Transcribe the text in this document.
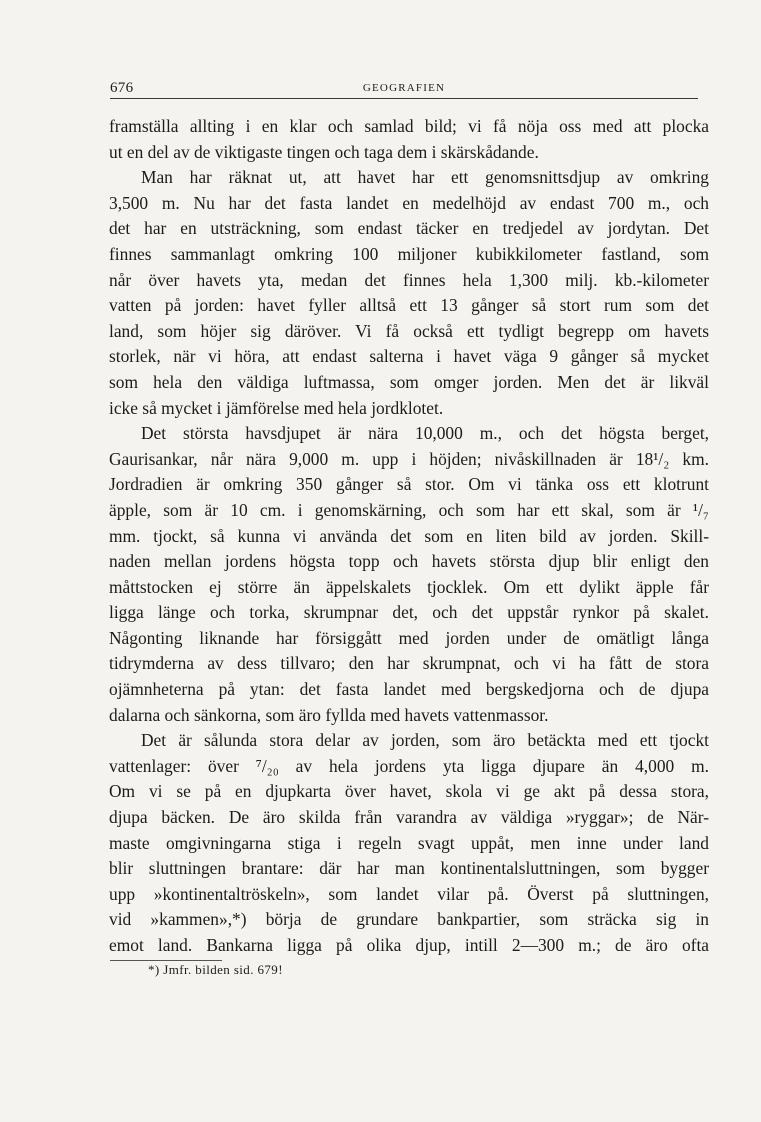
676	GEOGRAFIEN
framställa allting i en klar och samlad bild; vi få nöja oss med att plocka
ut en del av de viktigaste tingen och taga dem i skärskådande.
Man har räknat ut, att havet har ett genomsnittsdjup av omkring
3,500 m. Nu har det fasta landet en medelhöjd av endast 700 m., och
det har en utsträckning, som endast täcker en tredjedel av jordytan. Det
finnes sammanlagt omkring 100 miljoner kubikkilometer fastland, som
når över havets yta, medan det finnes hela 1,300 milj. kb.-kilometer
vatten på jorden: havet fyller alltså ett 13 gånger så stort rum som det
land, som höjer sig däröver. Vi få också ett tydligt begrepp om havets
storlek, när vi höra, att endast salterna i havet väga 9 gånger så mycket
som hela den väldiga luftmassa, som omger jorden. Men det är likväl
icke så mycket i jämförelse med hela jordklotet.
Det största havsdjupet är nära 10,000 m., och det högsta berget,
Gaurisankar, når nära 9,000 m. upp i höjden; nivåskillnaden är 18¹/₂ km.
Jordradien är omkring 350 gånger så stor. Om vi tänka oss ett klotrunt
äpple, som är 10 cm. i genomskärning, och som har ett skal, som är ¹/₇
mm. tjockt, så kunna vi använda det som en liten bild av jorden. Skill-
naden mellan jordens högsta topp och havets största djup blir enligt den
måttstocken ej större än äppelskalets tjocklek. Om ett dylikt äpple får
ligga länge och torka, skrumpnar det, och det uppstår rynkor på skalet.
Någonting liknande har försiggått med jorden under de omätligt långa
tidrymderna av dess tillvaro; den har skrumpnat, och vi ha fått de stora
ojämnheterna på ytan: det fasta landet med bergskedjorna och de djupa
dalarna och sänkorna, som äro fyllda med havets vattenmassor.
Det är sålunda stora delar av jorden, som äro betäckta med ett tjockt
vattenlager: över ⁷/₂₀ av hela jordens yta ligga djupare än 4,000 m.
Om vi se på en djupkarta över havet, skola vi ge akt på dessa stora,
djupa bäcken. De äro skilda från varandra av väldiga »ryggar»; de När-
maste omgivningarna stiga i regeln svagt uppåt, men inne under land
blir sluttningen brantare: där har man kontinentalsluttningen, som bygger
upp »kontinentaltröskeln», som landet vilar på. Överst på sluttningen,
vid »kammen»,*) börja de grundare bankpartier, som sträcka sig in
emot land. Bankarna ligga på olika djup, intill 2—300 m.; de äro ofta
*) Jmfr. bilden sid. 679!
